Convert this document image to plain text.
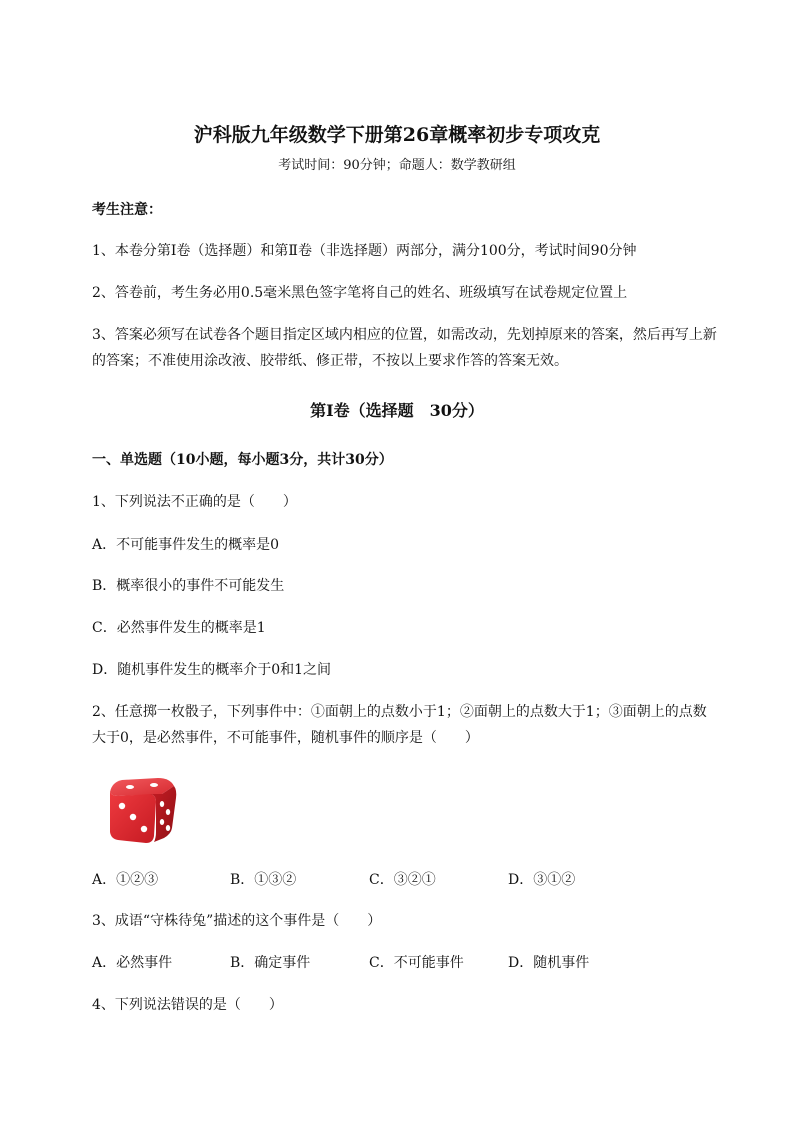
沪科版九年级数学下册第26章概率初步专项攻克
考试时间：90分钟；命题人：数学教研组
考生注意：
1、本卷分第I卷（选择题）和第Ⅱ卷（非选择题）两部分，满分100分，考试时间90分钟
2、答卷前，考生务必用0.5毫米黑色签字笔将自己的姓名、班级填写在试卷规定位置上
3、答案必须写在试卷各个题目指定区域内相应的位置，如需改动，先划掉原来的答案，然后再写上新
的答案；不准使用涂改液、胶带纸、修正带，不按以上要求作答的答案无效。
第I卷（选择题　30分）
一、单选题（10小题，每小题3分，共计30分）
1、下列说法不正确的是（　　）
A．不可能事件发生的概率是0
B．概率很小的事件不可能发生
C．必然事件发生的概率是1
D．随机事件发生的概率介于0和1之间
2、任意掷一枚骰子，下列事件中：①面朝上的点数小于1；②面朝上的点数大于1；③面朝上的点数
大于0，是必然事件，不可能事件，随机事件的顺序是（　　）
A．①②③	B．①③②	C．③②①	D．③①②
3、成语“守株待兔”描述的这个事件是（　　）
A．必然事件	B．确定事件	C．不可能事件	D．随机事件
4、下列说法错误的是（　　）
